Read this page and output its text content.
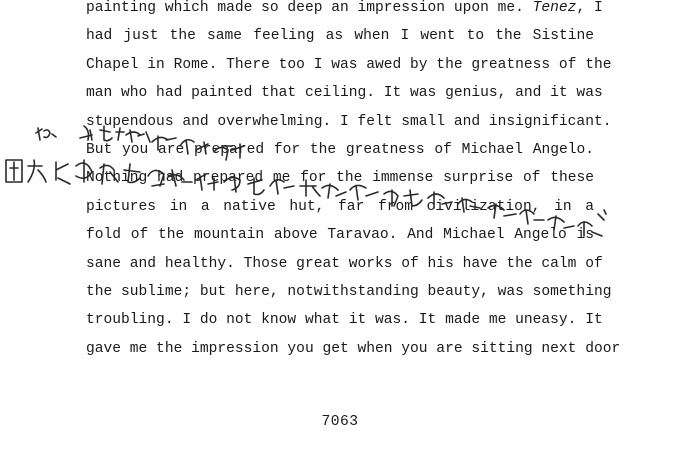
painting which made so deep an impression upon me. Tenez, I
had just the same feeling as when I went to the Sistine
Chapel in Rome. There too I was awed by the greatness of the
man who had painted that ceiling. It was genius, and it was
stupendous and overwhelming. I felt small and insignificant.
But you are prepared for the greatness of Michael Angelo.
Nothing had prepared me for the immense surprise of these
pictures in a native hut, far from civilization, in a
fold of the mountain above Taravao. And Michael Angelo is
sane and healthy. Those great works of his have the calm of
the sublime; but here, notwithstanding beauty, was something
troubling. I do not know what it was. It made me uneasy. It
gave me the impression you get when you are sitting next door
7063
